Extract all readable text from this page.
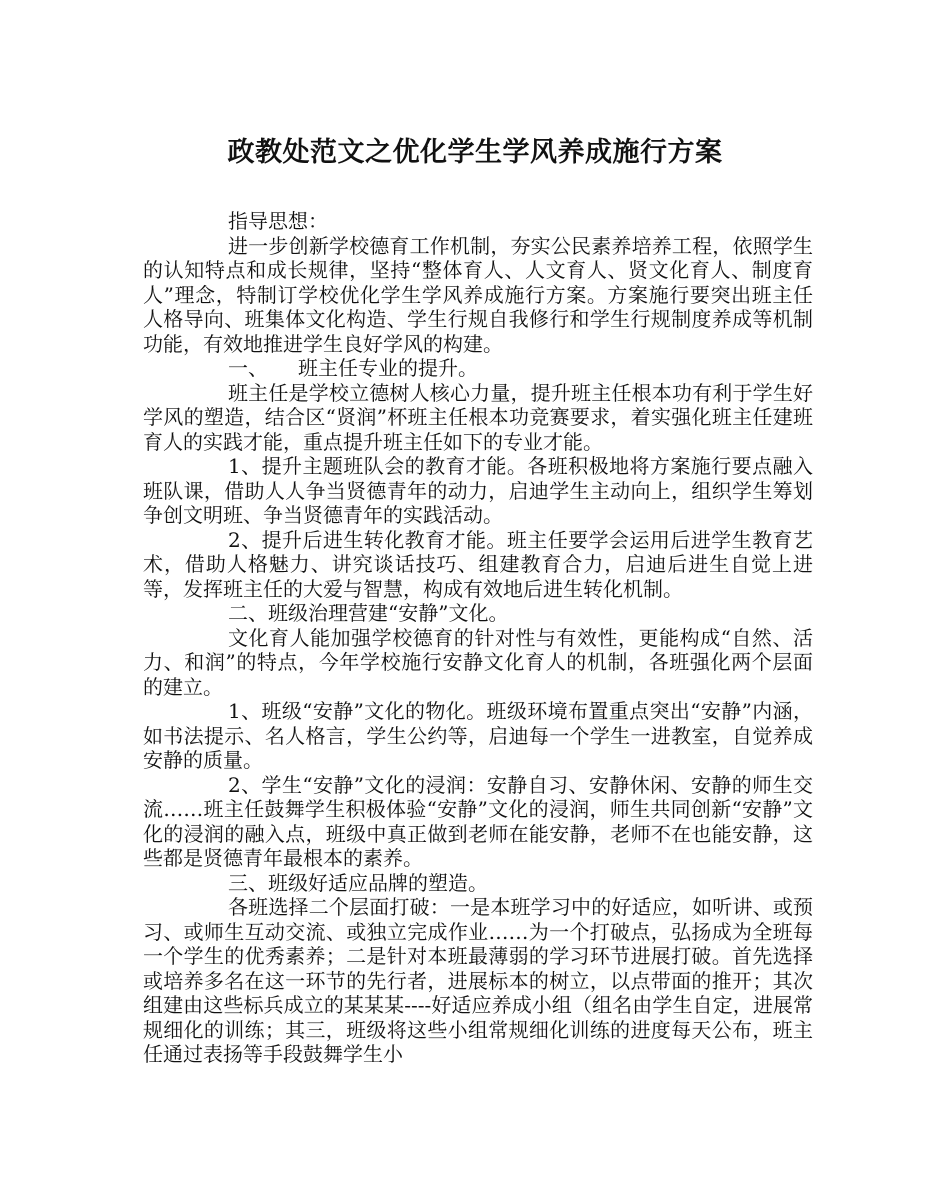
政教处范文之优化学生学风养成施行方案

指导思想：

进一步创新学校德育工作机制，夯实公民素养培养工程，依照学生的认知特点和成长规律，坚持“整体育人、人文育人、贤文化育人、制度育人”理念，特制订学校优化学生学风养成施行方案。方案施行要突出班主任人格导向、班集体文化构造、学生行规自我修行和学生行规制度养成等机制功能，有效地推进学生良好学风的构建。

一、　　班主任专业的提升。

班主任是学校立德树人核心力量，提升班主任根本功有利于学生好学风的塑造，结合区“贤润”杯班主任根本功竞赛要求，着实强化班主任建班育人的实践才能，重点提升班主任如下的专业才能。

1、提升主题班队会的教育才能。各班积极地将方案施行要点融入班队课，借助人人争当贤德青年的动力，启迪学生主动向上，组织学生筹划争创文明班、争当贤德青年的实践活动。

2、提升后进生转化教育才能。班主任要学会运用后进学生教育艺术，借助人格魅力、讲究谈话技巧、组建教育合力，启迪后进生自觉上进等，发挥班主任的大爱与智慧，构成有效地后进生转化机制。

二、班级治理营建“安静”文化。

文化育人能加强学校德育的针对性与有效性，更能构成“自然、活力、和润”的特点，今年学校施行安静文化育人的机制，各班强化两个层面的建立。

1、班级“安静”文化的物化。班级环境布置重点突出“安静”内涵，如书法提示、名人格言，学生公约等，启迪每一个学生一进教室，自觉养成安静的质量。

2、学生“安静”文化的浸润：安静自习、安静休闲、安静的师生交流……班主任鼓舞学生积极体验“安静”文化的浸润，师生共同创新“安静”文化的浸润的融入点，班级中真正做到老师在能安静，老师不在也能安静，这些都是贤德青年最根本的素养。

三、班级好适应品牌的塑造。

各班选择二个层面打破：一是本班学习中的好适应，如听讲、或预习、或师生互动交流、或独立完成作业……为一个打破点，弘扬成为全班每一个学生的优秀素养；二是针对本班最薄弱的学习环节进展打破。首先选择或培养多名在这一环节的先行者，进展标本的树立，以点带面的推开；其次组建由这些标兵成立的某某某----好适应养成小组（组名由学生自定，进展常规细化的训练；其三，班级将这些小组常规细化训练的进度每天公布，班主任通过表扬等手段鼓舞学生小
